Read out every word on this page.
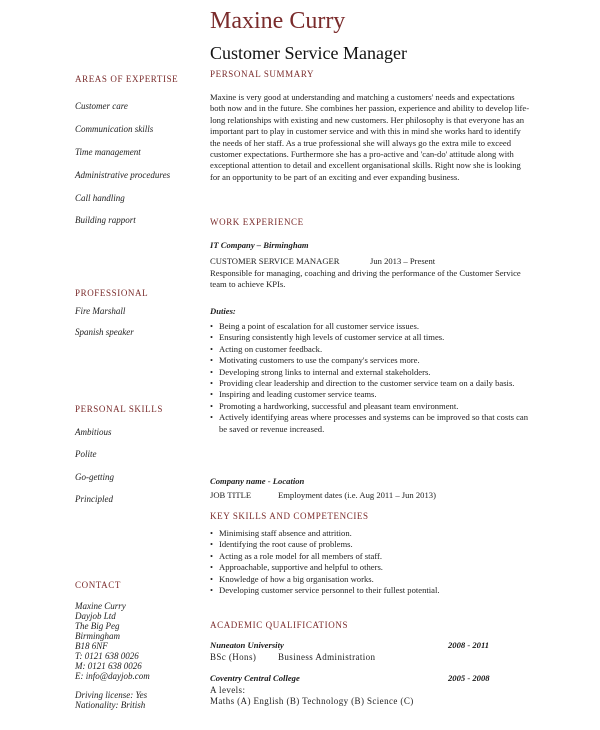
Maxine Curry
Customer Service Manager
AREAS OF EXPERTISE
Customer care
Communication skills
Time management
Administrative procedures
Call handling
Building rapport
PROFESSIONAL
Fire Marshall
Spanish speaker
PERSONAL SKILLS
Ambitious
Polite
Go-getting
Principled
CONTACT
Maxine Curry
Dayjob Ltd
The Big Peg
Birmingham
B18 6NF
T: 0121 638 0026
M: 0121 638 0026
E: info@dayjob.com
Driving license: Yes
Nationality: British
PERSONAL SUMMARY
Maxine is very good at understanding and matching a customers' needs and expectations both now and in the future. She combines her passion, experience and ability to develop life-long relationships with existing and new customers. Her philosophy is that everyone has an important part to play in customer service and with this in mind she works hard to identify the needs of her staff. As a true professional she will always go the extra mile to exceed customer expectations. Furthermore she has a pro-active and 'can-do' attitude along with exceptional attention to detail and excellent organisational skills. Right now she is looking for an opportunity to be part of an exciting and ever expanding business.
WORK EXPERIENCE
IT Company – Birmingham
CUSTOMER SERVICE MANAGER	Jun 2013 – Present
Responsible for managing, coaching and driving the performance of the Customer Service team to achieve KPIs.
Duties:
• Being a point of escalation for all customer service issues.
• Ensuring consistently high levels of customer service at all times.
• Acting on customer feedback.
• Motivating customers to use the company's services more.
• Developing strong links to internal and external stakeholders.
• Providing clear leadership and direction to the customer service team on a daily basis.
• Inspiring and leading customer service teams.
• Promoting a hardworking, successful and pleasant team environment.
• Actively identifying areas where processes and systems can be improved so that costs can be saved or revenue increased.
Company name - Location
JOB TITLE	Employment dates (i.e. Aug 2011 – Jun 2013)
KEY SKILLS AND COMPETENCIES
• Minimising staff absence and attrition.
• Identifying the root cause of problems.
• Acting as a role model for all members of staff.
• Approachable, supportive and helpful to others.
• Knowledge of how a big organisation works.
• Developing customer service personnel to their fullest potential.
ACADEMIC QUALIFICATIONS
Nuneaton University	2008 - 2011
BSc (Hons) Business Administration
Coventry Central College	2005 - 2008
A levels:
Maths (A) English (B) Technology (B) Science (C)
